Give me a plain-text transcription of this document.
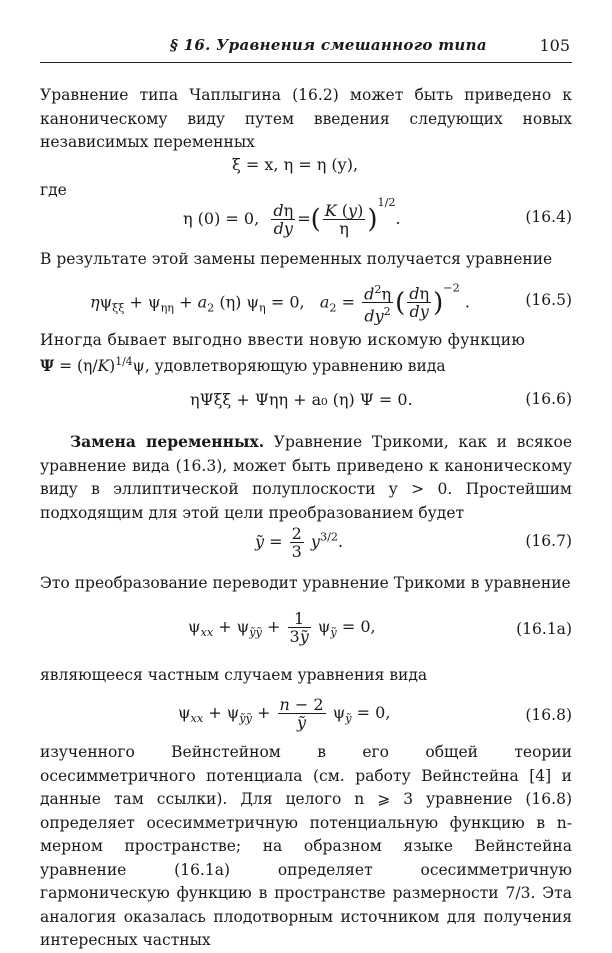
§ 16. Уравнения смешанного типа	105
Уравнение типа Чаплыгина (16.2) может быть приведено к каноническому виду путем введения следующих новых независимых переменных
ξ = x, η = η (y),
где
η (0) = 0, $\frac{d\eta}{dy}$ =( $\frac{K (y)}{\eta} )^{1/2}$.	(16.4)
В результате этой замены переменных получается уравнение
$\eta\psi_{\xi\xi} + \psi_{\eta\eta} + a_2$ (η) $\psi_\eta = 0$,   $a_2 = \frac{d^2\eta}{dy^2}$ ( $\frac{d\eta}{dy} )^{-2}$ .	(16.5)
Иногда бывает выгодно ввести новую искомую функцию
$\Psi = (\eta/K)^{1/4}\psi$, удовлетворяющую уравнению вида
ηΨξξ + Ψηη + a₀ (η) Ψ = 0.	(16.6)
Замена переменных. Уравнение Трикоми, как и всякое уравнение вида (16.3), может быть приведено к каноническому виду в эллиптической полуплоскости y > 0. Простейшим подходящим для этой цели преобразованием будет
ỹ = $\frac{2}{3} y^{3/2}$.	(16.7)
Это преобразование переводит уравнение Трикоми в уравнение
$\psi_{xx} + \psi_{yy} + \frac{1}{3y} \psi_y = 0$,	(16.1a)
являющееся частным случаем уравнения вида
$\psi_{xx} + \psi_{yy} + \frac{n - 2}{y} \psi_y = 0$,	(16.8)
изученного Вейнстейном в его общей теории осесимметричного потенциала (см. работу Вейнстейна [4] и данные там ссылки). Для целого n ⩾ 3 уравнение (16.8) определяет осесимметричную потенциальную функцию в n-мерном пространстве; на образном языке Вейнстейна уравнение (16.1a) определяет осесимметричную гармоническую функцию в пространстве размерности 7/3. Эта аналогия оказалась плодотворным источником для получения интересных частных
